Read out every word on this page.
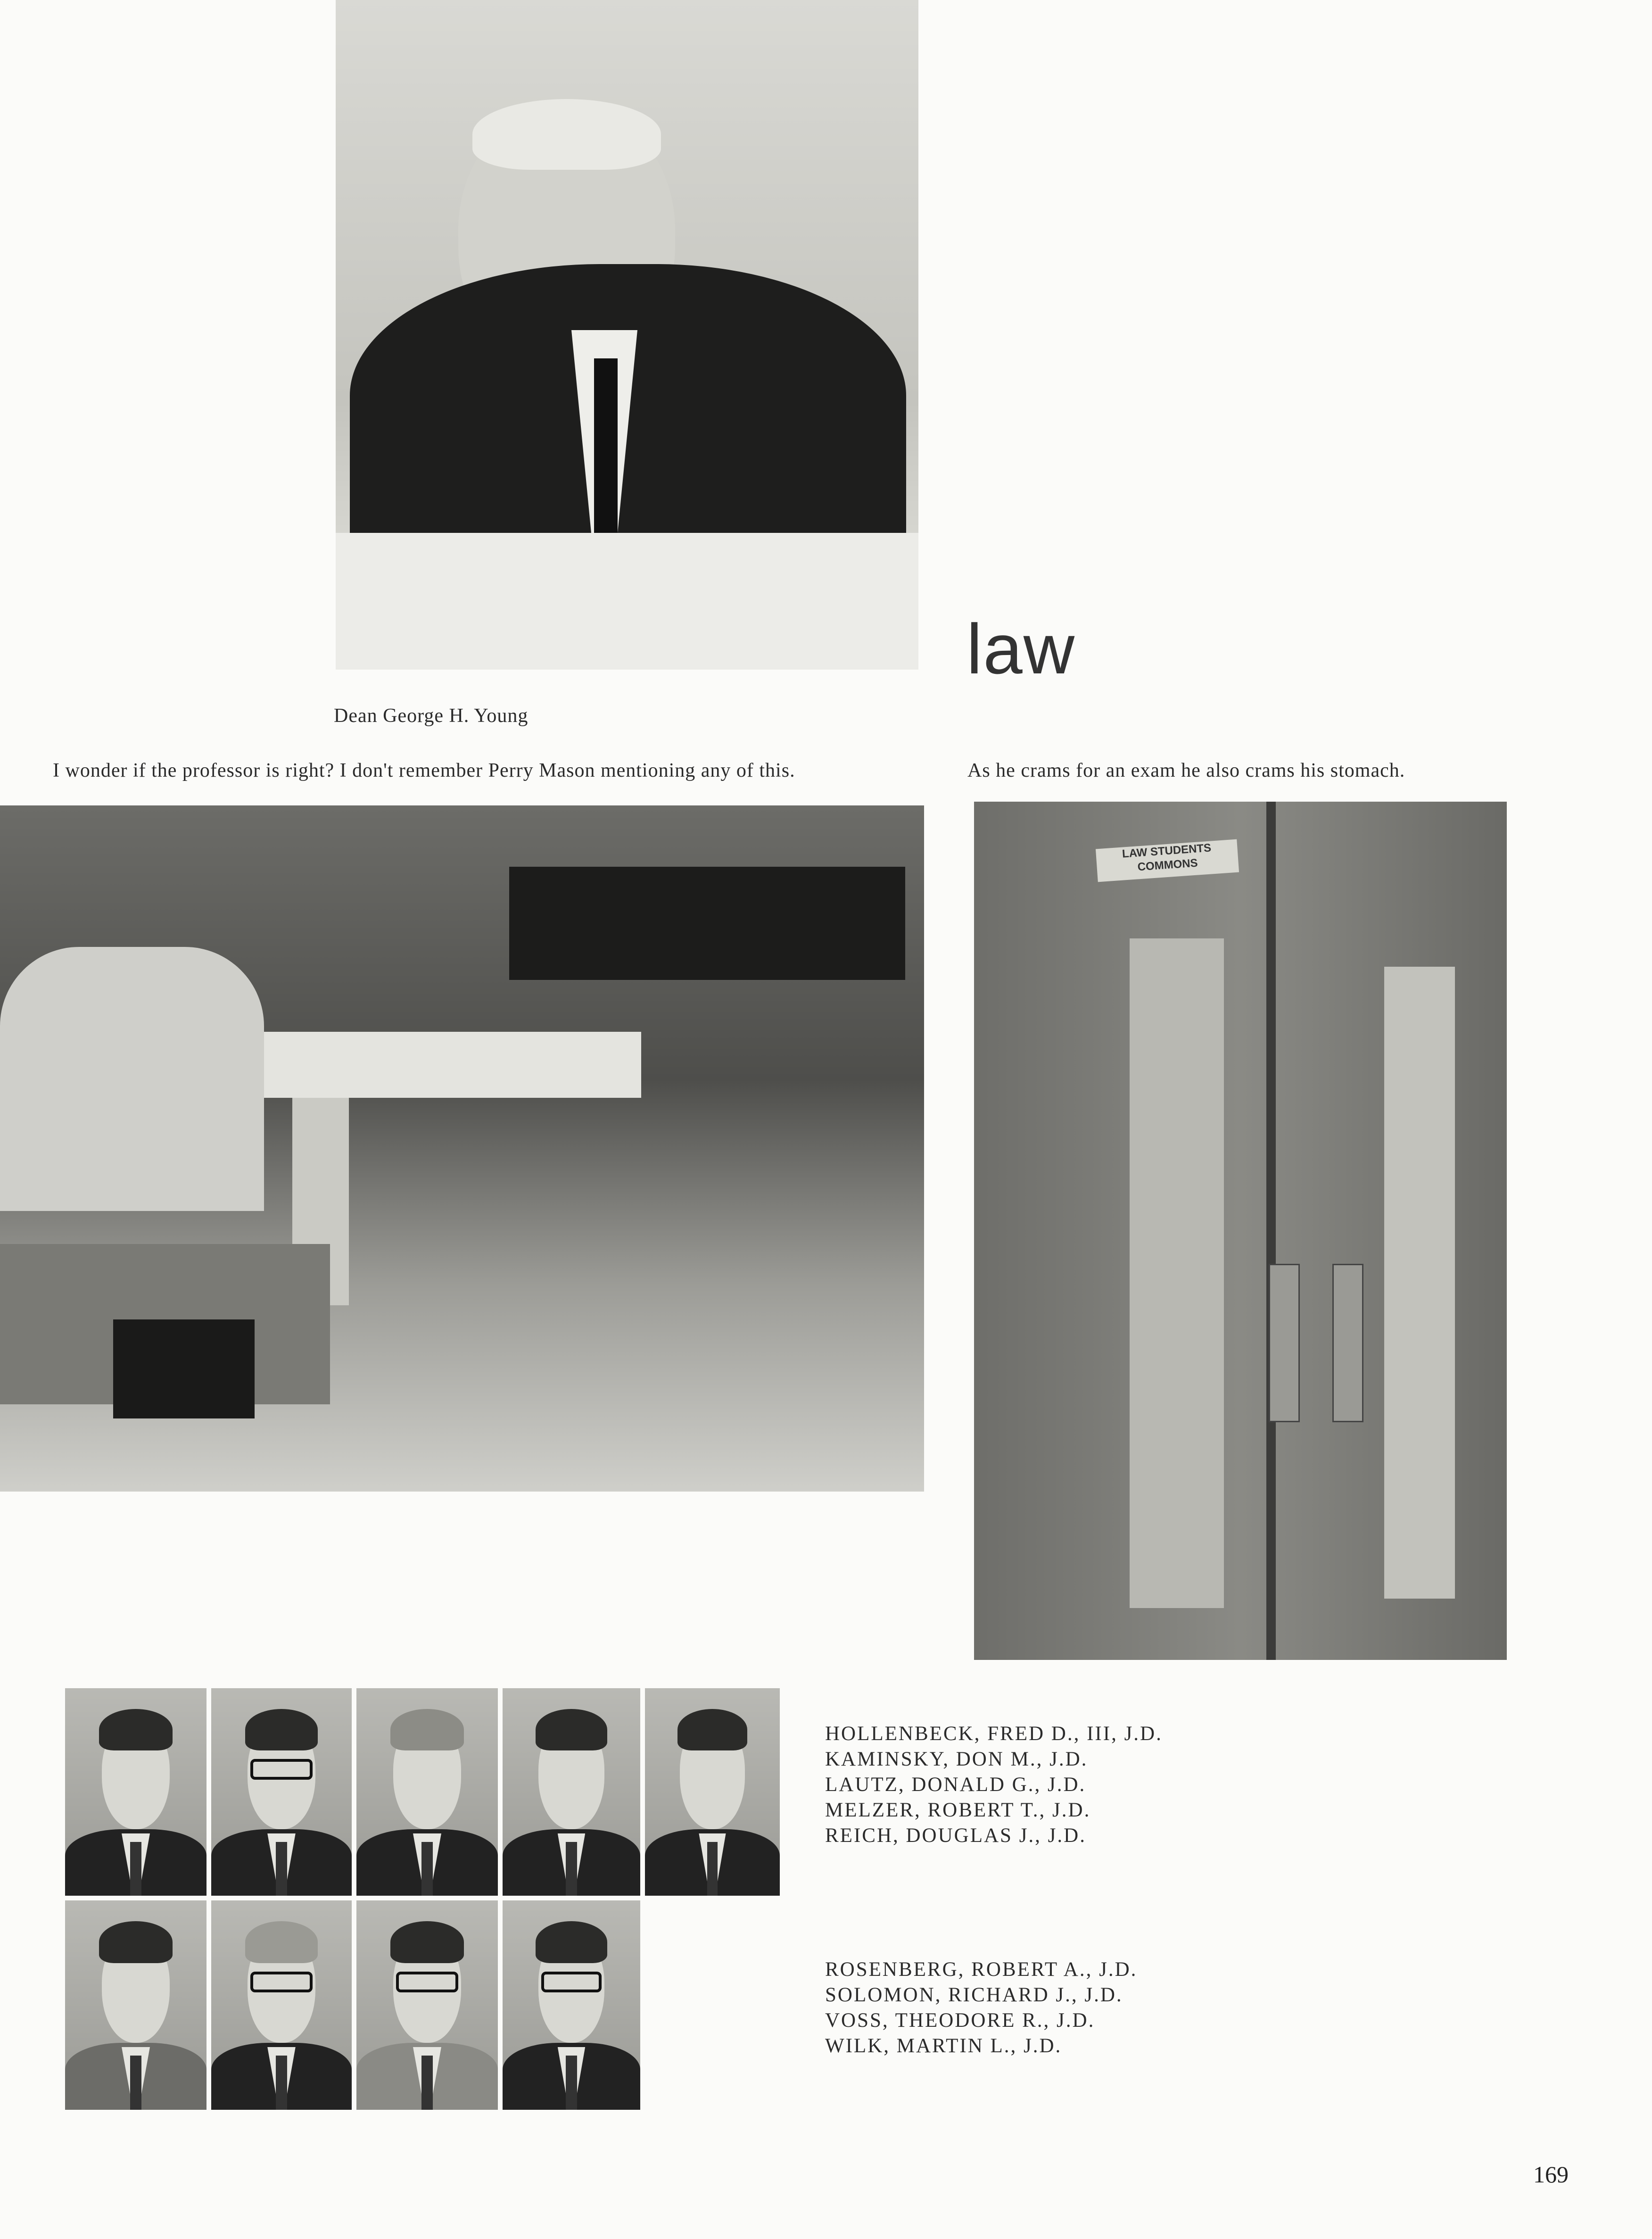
law
Dean George H. Young
I wonder if the professor is right? I don't remember Perry Mason mentioning any of this.	As he crams for an exam he also crams his stomach.
LAW STUDENTS COMMONS
HOLLENBECK, FRED D., III, J.D.
KAMINSKY, DON M., J.D.
LAUTZ, DONALD G., J.D.
MELZER, ROBERT T., J.D.
REICH, DOUGLAS J., J.D.
ROSENBERG, ROBERT A., J.D.
SOLOMON, RICHARD J., J.D.
VOSS, THEODORE R., J.D.
WILK, MARTIN L., J.D.
169
